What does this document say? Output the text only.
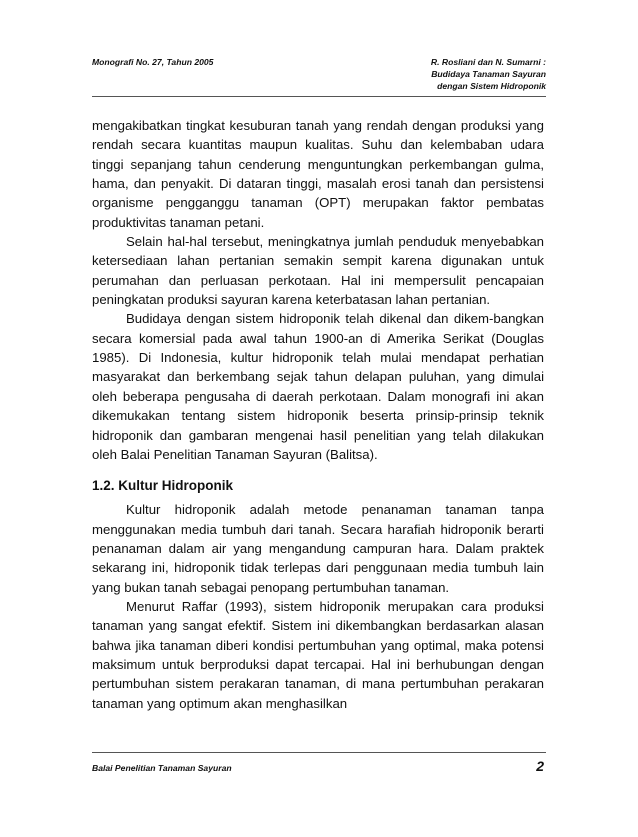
Monografi No. 27, Tahun 2005	R. Rosliani dan N. Sumarni :
Budidaya Tanaman Sayuran
dengan Sistem Hidroponik

mengakibatkan tingkat kesuburan tanah yang rendah dengan produksi yang rendah secara kuantitas maupun kualitas. Suhu dan kelembaban udara tinggi sepanjang tahun cenderung menguntungkan perkembangan gulma, hama, dan penyakit. Di dataran tinggi, masalah erosi tanah dan persistensi organisme pengganggu tanaman (OPT) merupakan faktor pembatas produktivitas tanaman petani.

Selain hal-hal tersebut, meningkatnya jumlah penduduk menyebabkan ketersediaan lahan pertanian semakin sempit karena digunakan untuk perumahan dan perluasan perkotaan. Hal ini mempersulit pencapaian peningkatan produksi sayuran karena keterbatasan lahan pertanian.

Budidaya dengan sistem hidroponik telah dikenal dan dikem-bangkan secara komersial pada awal tahun 1900-an di Amerika Serikat (Douglas 1985). Di Indonesia, kultur hidroponik telah mulai mendapat perhatian masyarakat dan berkembang sejak tahun delapan puluhan, yang dimulai oleh beberapa pengusaha di daerah perkotaan. Dalam monografi ini akan dikemukakan tentang sistem hidroponik beserta prinsip-prinsip teknik hidroponik dan gambaran mengenai hasil penelitian yang telah dilakukan oleh Balai Penelitian Tanaman Sayuran (Balitsa).

1.2. Kultur Hidroponik

Kultur hidroponik adalah metode penanaman tanaman tanpa menggunakan media tumbuh dari tanah. Secara harafiah hidroponik berarti penanaman dalam air yang mengandung campuran hara. Dalam praktek sekarang ini, hidroponik tidak terlepas dari penggunaan media tumbuh lain yang bukan tanah sebagai penopang pertumbuhan tanaman.

Menurut Raffar (1993), sistem hidroponik merupakan cara produksi tanaman yang sangat efektif. Sistem ini dikembangkan berdasarkan alasan bahwa jika tanaman diberi kondisi pertumbuhan yang optimal, maka potensi maksimum untuk berproduksi dapat tercapai. Hal ini berhubungan dengan pertumbuhan sistem perakaran tanaman, di mana pertumbuhan perakaran tanaman yang optimum akan menghasilkan

Balai Penelitian Tanaman Sayuran	2
